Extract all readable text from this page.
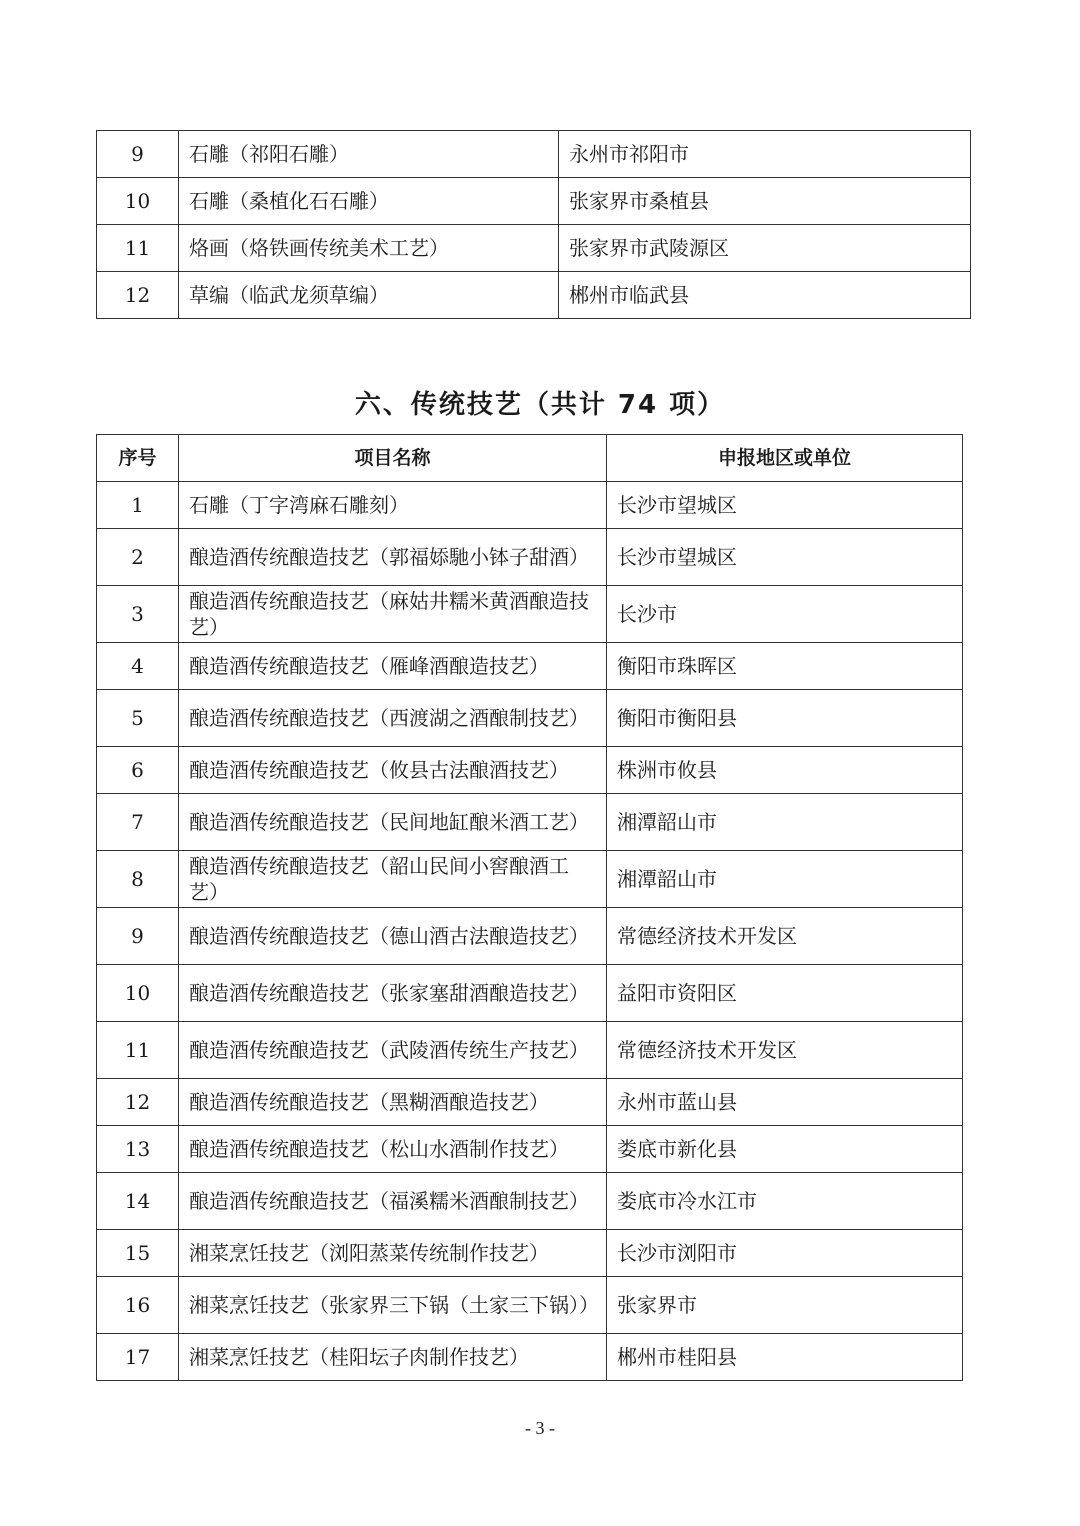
9	石雕（祁阳石雕）	永州市祁阳市
10	石雕（桑植化石石雕）	张家界市桑植县
11	烙画（烙铁画传统美术工艺）	张家界市武陵源区
12	草编（临武龙须草编）	郴州市临武县
六、传统技艺（共计 74 项）
序号	项目名称	申报地区或单位
1	石雕（丁字湾麻石雕刻）	长沙市望城区
2	酿造酒传统酿造技艺（郭福婖馳小钵子甜酒）	长沙市望城区
3	酿造酒传统酿造技艺（麻姑井糯米黄酒酿造技艺）	长沙市
4	酿造酒传统酿造技艺（雁峰酒酿造技艺）	衡阳市珠晖区
5	酿造酒传统酿造技艺（西渡湖之酒酿制技艺）	衡阳市衡阳县
6	酿造酒传统酿造技艺（攸县古法酿酒技艺）	株洲市攸县
7	酿造酒传统酿造技艺（民间地缸酿米酒工艺）	湘潭韶山市
8	酿造酒传统酿造技艺（韶山民间小窖酿酒工艺）	湘潭韶山市
9	酿造酒传统酿造技艺（德山酒古法酿造技艺）	常德经济技术开发区
10	酿造酒传统酿造技艺（张家塞甜酒酿造技艺）	益阳市资阳区
11	酿造酒传统酿造技艺（武陵酒传统生产技艺）	常德经济技术开发区
12	酿造酒传统酿造技艺（黑糊酒酿造技艺）	永州市蓝山县
13	酿造酒传统酿造技艺（松山水酒制作技艺）	娄底市新化县
14	酿造酒传统酿造技艺（福溪糯米酒酿制技艺）	娄底市冷水江市
15	湘菜烹饪技艺（浏阳蒸菜传统制作技艺）	长沙市浏阳市
16	湘菜烹饪技艺（张家界三下锅（土家三下锅））	张家界市
17	湘菜烹饪技艺（桂阳坛子肉制作技艺）	郴州市桂阳县
- 3 -
